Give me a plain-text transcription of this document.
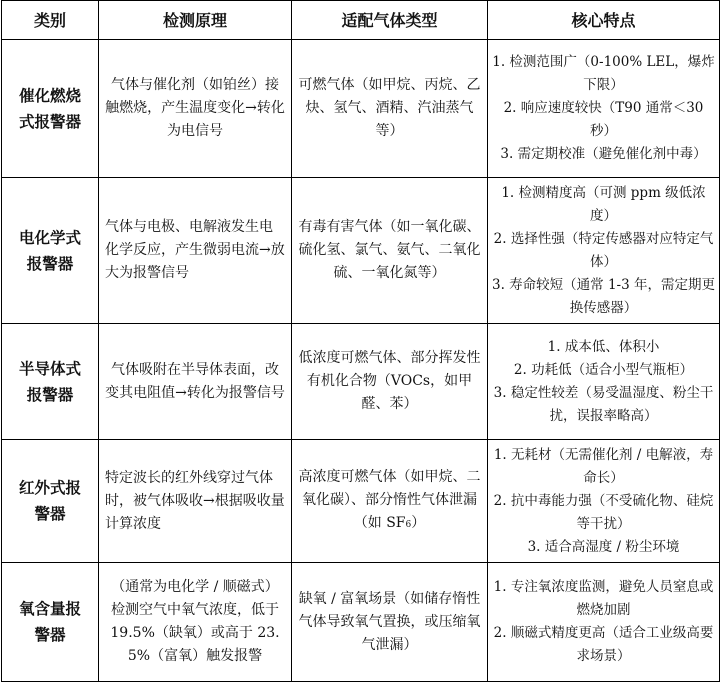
类别	检测原理	适配气体类型	核心特点
催化燃烧式报警器	气体与催化剂（如铂丝）接触燃烧，产生温度变化→转化为电信号	可燃气体（如甲烷、丙烷、乙炔、氢气、酒精、汽油蒸气等）	1. 检测范围广（0-100% LEL，爆炸下限）
2. 响应速度较快（T90 通常＜30 秒）
3. 需定期校准（避免催化剂中毒）

电化学式报警器	气体与电极、电解液发生电化学反应，产生微弱电流→放大为报警信号	有毒有害气体（如一氧化碳、硫化氢、氯气、氨气、二氧化硫、一氧化氮等）	1. 检测精度高（可测 ppm 级低浓度）
2. 选择性强（特定传感器对应特定气体）
3. 寿命较短（通常 1-3 年，需定期更换传感器）

半导体式报警器	气体吸附在半导体表面，改变其电阻值→转化为报警信号	低浓度可燃气体、部分挥发性有机化合物（VOCs，如甲醛、苯）	1. 成本低、体积小
2. 功耗低（适合小型气瓶柜）
3. 稳定性较差（易受温湿度、粉尘干扰，误报率略高）

红外式报警器	特定波长的红外线穿过气体时，被气体吸收→根据吸收量计算浓度	高浓度可燃气体（如甲烷、二氧化碳）、部分惰性气体泄漏（如 SF6）	1. 无耗材（无需催化剂 / 电解液，寿命长）
2. 抗中毒能力强（不受硫化物、硅烷等干扰）
3. 适合高湿度 / 粉尘环境

氧含量报警器	（通常为电化学 / 顺磁式）检测空气中氧气浓度，低于 19.5%（缺氧）或高于 23.5%（富氧）触发报警	缺氧 / 富氧场景（如储存惰性气体导致氧气置换，或压缩氧气泄漏）	1. 专注氧浓度监测，避免人员窒息或燃烧加剧
2. 顺磁式精度更高（适合工业级高要求场景）
